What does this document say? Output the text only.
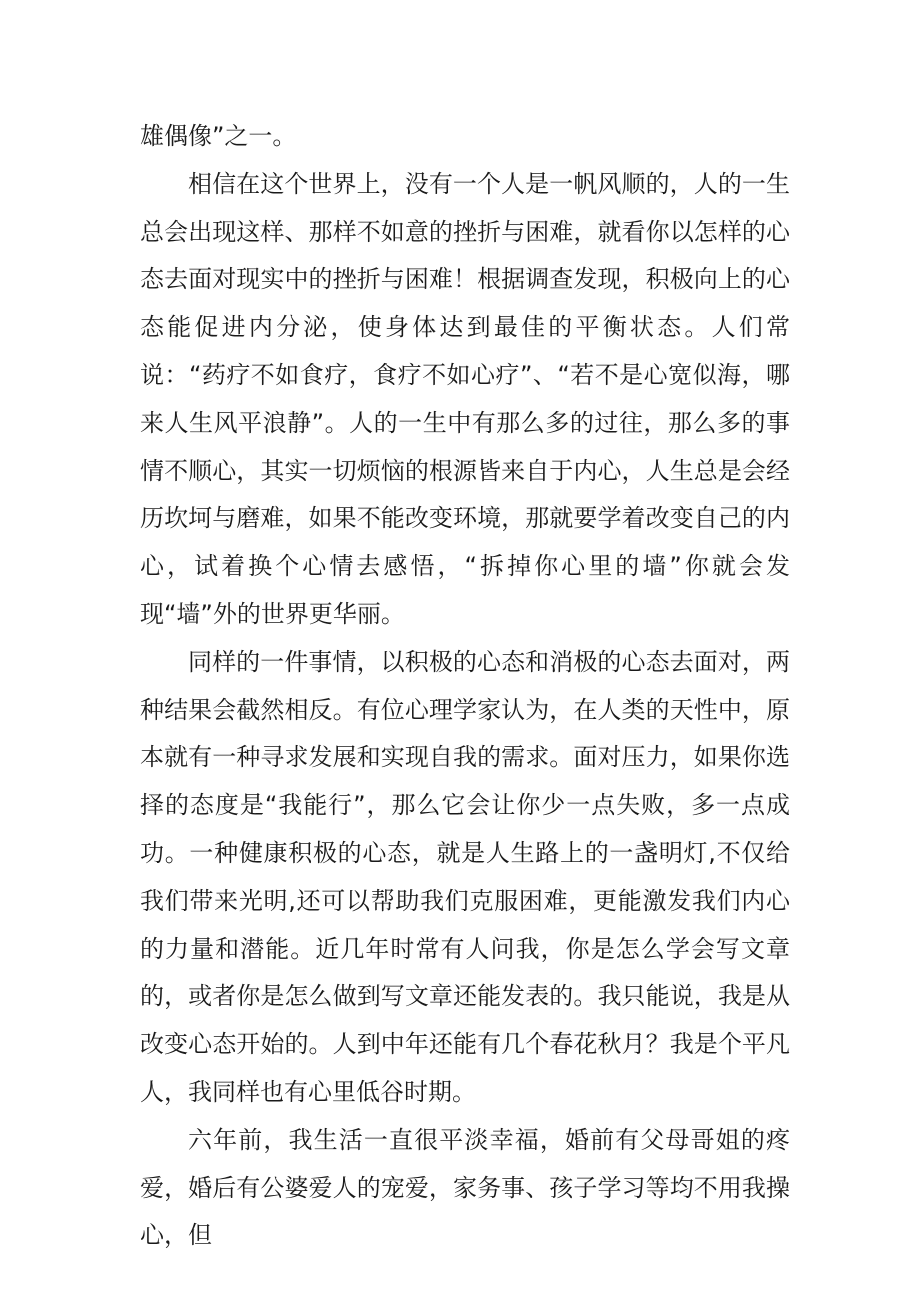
雄偶像”之一。

相信在这个世界上，没有一个人是一帆风顺的，人的一生总会出现这样、那样不如意的挫折与困难，就看你以怎样的心态去面对现实中的挫折与困难！根据调查发现，积极向上的心态能促进内分泌，使身体达到最佳的平衡状态。人们常说：“药疗不如食疗，食疗不如心疗”、“若不是心宽似海，哪来人生风平浪静”。人的一生中有那么多的过往，那么多的事情不顺心，其实一切烦恼的根源皆来自于内心，人生总是会经历坎坷与磨难，如果不能改变环境，那就要学着改变自己的内心，试着换个心情去感悟，“拆掉你心里的墙”你就会发现“墙”外的世界更华丽。

同样的一件事情，以积极的心态和消极的心态去面对，两种结果会截然相反。有位心理学家认为，在人类的天性中，原本就有一种寻求发展和实现自我的需求。面对压力，如果你选择的态度是“我能行”，那么它会让你少一点失败，多一点成功。一种健康积极的心态，就是人生路上的一盏明灯,不仅给我们带来光明,还可以帮助我们克服困难，更能激发我们内心的力量和潜能。近几年时常有人问我，你是怎么学会写文章的，或者你是怎么做到写文章还能发表的。我只能说，我是从改变心态开始的。人到中年还能有几个春花秋月？我是个平凡人，我同样也有心里低谷时期。

六年前，我生活一直很平淡幸福，婚前有父母哥姐的疼爱，婚后有公婆爱人的宠爱，家务事、孩子学习等均不用我操心，但
